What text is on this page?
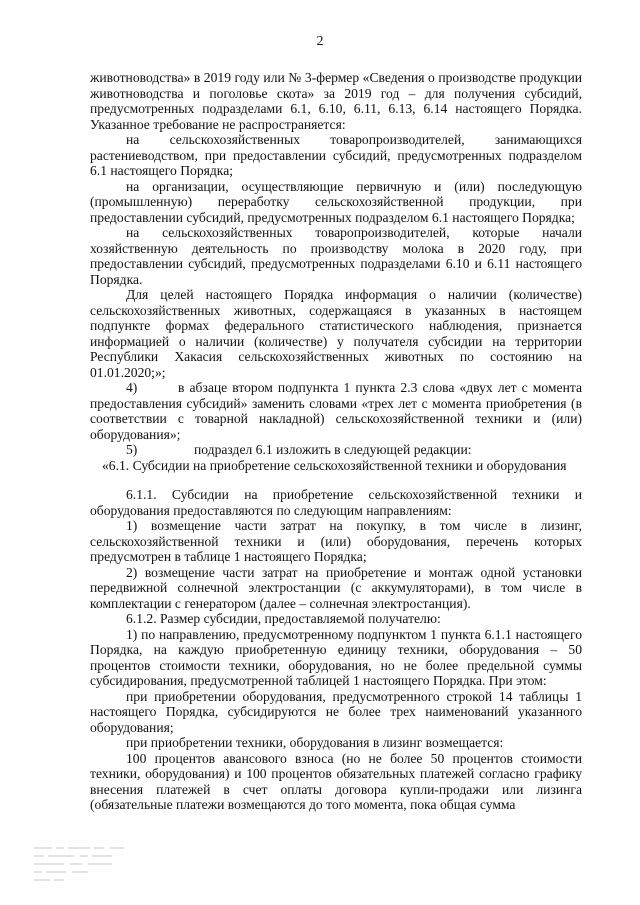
2

животноводства» в 2019 году или № 3-фермер «Сведения о производстве продукции животноводства и поголовье скота» за 2019 год – для получения субсидий, предусмотренных подразделами 6.1, 6.10, 6.11, 6.13, 6.14 настоящего Порядка. Указанное требование не распространяется:

на сельскохозяйственных товаропроизводителей, занимающихся растениеводством, при предоставлении субсидий, предусмотренных подразделом 6.1 настоящего Порядка;

на организации, осуществляющие первичную и (или) последующую (промышленную) переработку сельскохозяйственной продукции, при предоставлении субсидий, предусмотренных подразделом 6.1 настоящего Порядка;

на сельскохозяйственных товаропроизводителей, которые начали хозяйственную деятельность по производству молока в 2020 году, при предоставлении субсидий, предусмотренных подразделами 6.10 и 6.11 настоящего Порядка.

Для целей настоящего Порядка информация о наличии (количестве) сельскохозяйственных животных, содержащаяся в указанных в настоящем подпункте формах федерального статистического наблюдения, признается информацией о наличии (количестве) у получателя субсидии на территории Республики Хакасия сельскохозяйственных животных по состоянию на 01.01.2020;»;

4)	в абзаце втором подпункта 1 пункта 2.3 слова «двух лет с момента предоставления субсидий» заменить словами «трех лет с момента приобретения (в соответствии с товарной накладной) сельскохозяйственной техники и (или) оборудования»;

5)	подраздел 6.1 изложить в следующей редакции:

«6.1. Субсидии на приобретение сельскохозяйственной техники и оборудования

6.1.1. Субсидии на приобретение сельскохозяйственной техники и оборудования предоставляются по следующим направлениям:

1) возмещение части затрат на покупку, в том числе в лизинг, сельскохозяйственной техники и (или) оборудования, перечень которых предусмотрен в таблице 1 настоящего Порядка;

2) возмещение части затрат на приобретение и монтаж одной установки передвижной солнечной электростанции (с аккумуляторами), в том числе в комплектации с генератором (далее – солнечная электростанция).

6.1.2. Размер субсидии, предоставляемой получателю:

1) по направлению, предусмотренному подпунктом 1 пункта 6.1.1 настоящего Порядка, на каждую приобретенную единицу техники, оборудования – 50 процентов стоимости техники, оборудования, но не более предельной суммы субсидирования, предусмотренной таблицей 1 настоящего Порядка. При этом:

при приобретении оборудования, предусмотренного строкой 14 таблицы 1 настоящего Порядка, субсидируются не более трех наименований указанного оборудования;

при приобретении техники, оборудования в лизинг возмещается:

100 процентов авансового взноса (но не более 50 процентов стоимости техники, оборудования) и 100 процентов обязательных платежей согласно графику внесения платежей в счет оплаты договора купли-продажи или лизинга (обязательные платежи возмещаются до того момента, пока общая сумма
